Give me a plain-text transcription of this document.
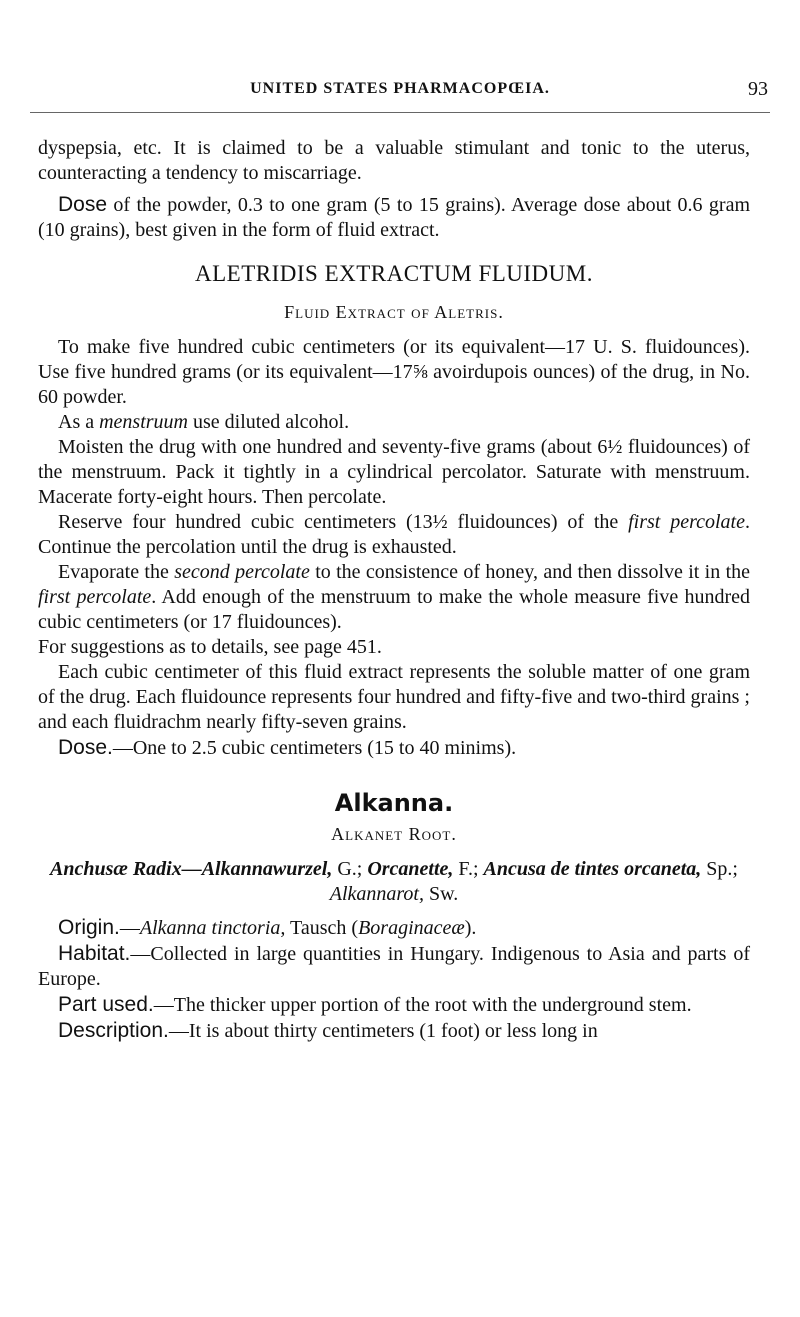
UNITED STATES PHARMACOPŒIA.	93

dyspepsia, etc. It is claimed to be a valuable stimulant and tonic to the uterus, counteracting a tendency to miscarriage.

Dose of the powder, 0.3 to one gram (5 to 15 grains). Average dose about 0.6 gram (10 grains), best given in the form of fluid extract.

ALETRIDIS EXTRACTUM FLUIDUM.

Fluid Extract of Aletris.

To make five hundred cubic centimeters (or its equivalent—17 U. S. fluidounces). Use five hundred grams (or its equivalent—17⅝ avoirdupois ounces) of the drug, in No. 60 powder.

As a menstruum use diluted alcohol.

Moisten the drug with one hundred and seventy-five grams (about 6½ fluidounces) of the menstruum. Pack it tightly in a cylindrical percolator. Saturate with menstruum. Macerate forty-eight hours. Then percolate.

Reserve four hundred cubic centimeters (13½ fluidounces) of the first percolate. Continue the percolation until the drug is exhausted.

Evaporate the second percolate to the consistence of honey, and then dissolve it in the first percolate. Add enough of the menstruum to make the whole measure five hundred cubic centimeters (or 17 fluidounces).

For suggestions as to details, see page 451.

Each cubic centimeter of this fluid extract represents the soluble matter of one gram of the drug. Each fluidounce represents four hundred and fifty-five and two-third grains ; and each fluidrachm nearly fifty-seven grains.

Dose.—One to 2.5 cubic centimeters (15 to 40 minims).

Alkanna.

Alkanet Root.

Anchusæ Radix—Alkannawurzel, G.; Orcanette, F.; Ancusa de tintes orcaneta, Sp.; Alkannarot, Sw.

Origin.—Alkanna tinctoria, Tausch (Boraginaceæ).

Habitat.—Collected in large quantities in Hungary. Indigenous to Asia and parts of Europe.

Part used.—The thicker upper portion of the root with the underground stem.

Description.—It is about thirty centimeters (1 foot) or less long in
